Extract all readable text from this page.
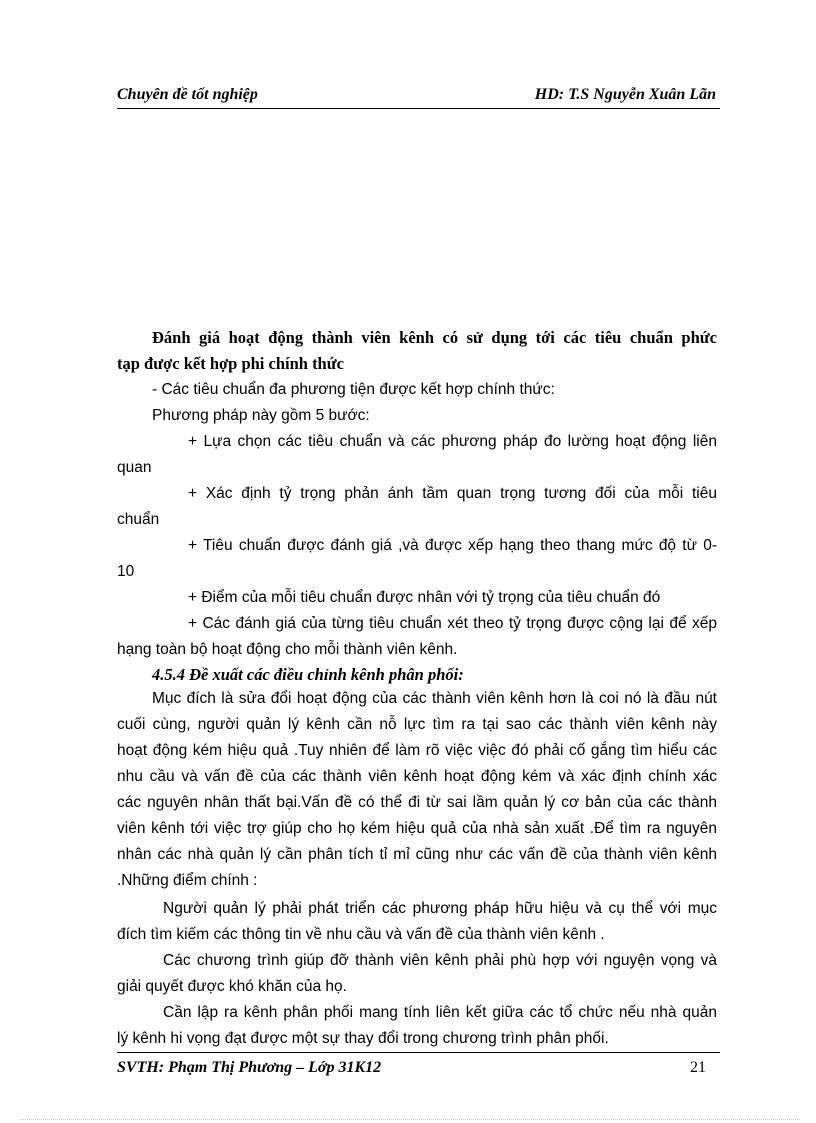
Chuyên đề tốt nghiệp	HD: T.S Nguyễn Xuân Lãn
Đánh giá hoạt động thành viên kênh có sử dụng tới các tiêu chuẩn phức
tạp được kết hợp phi chính thức
- Các tiêu chuẩn đa phương tiện được kết hợp chính thức:
Phương pháp này gồm 5 bước:
+ Lựa chọn các tiêu chuẩn và các phương pháp đo lường hoạt động liên
quan
+ Xác định tỷ trọng phản ánh tầm quan trọng tương đối của mỗi tiêu
chuẩn
+ Tiêu chuẩn được đánh giá ,và được xếp hạng theo thang mức độ từ 0-
10
+ Điểm của mỗi tiêu chuẩn được nhân với tỷ trọng của tiêu chuẩn đó
+ Các đánh giá của từng tiêu chuẩn xét theo tỷ trọng được cộng lại để xếp
hạng toàn bộ hoạt động cho mỗi thành viên kênh.
4.5.4 Đề xuất các điều chỉnh kênh phân phối:
Mục đích là sửa đổi hoạt động của các thành viên kênh hơn là coi nó là đầu nút
cuối cùng, người quản lý kênh cần nỗ lực tìm ra tại sao các thành viên kênh này
hoạt động kém hiệu quả .Tuy nhiên để làm rõ việc việc đó phải cố gắng tìm hiểu các
nhu cầu và vấn đề của các thành viên kênh hoạt động kém và xác định chính xác
các nguyên nhân thất bại.Vấn đề có thể đi từ sai lầm quản lý cơ bản của các thành
viên kênh tới việc trợ giúp cho họ kém hiệu quả của nhà sản xuất .Để tìm ra nguyên
nhân các nhà quản lý cần phân tích tỉ mỉ cũng như các vấn đề của thành viên kênh
.Những điểm chính :
Người quản lý phải phát triển các phương pháp hữu hiệu và cụ thể với mục
đích tìm kiếm các thông tin về nhu cầu và vấn đề của thành viên kênh .
Các chương trình giúp đỡ thành viên kênh phải phù hợp với nguyện vọng và
giải quyết được khó khăn của họ.
Cần lập ra kênh phân phối mang tính liên kết giữa các tổ chức nếu nhà quản
lý kênh hi vọng đạt được một sự thay đổi trong chương trình phân phối.
SVTH: Phạm Thị Phương – Lớp 31K12	21
